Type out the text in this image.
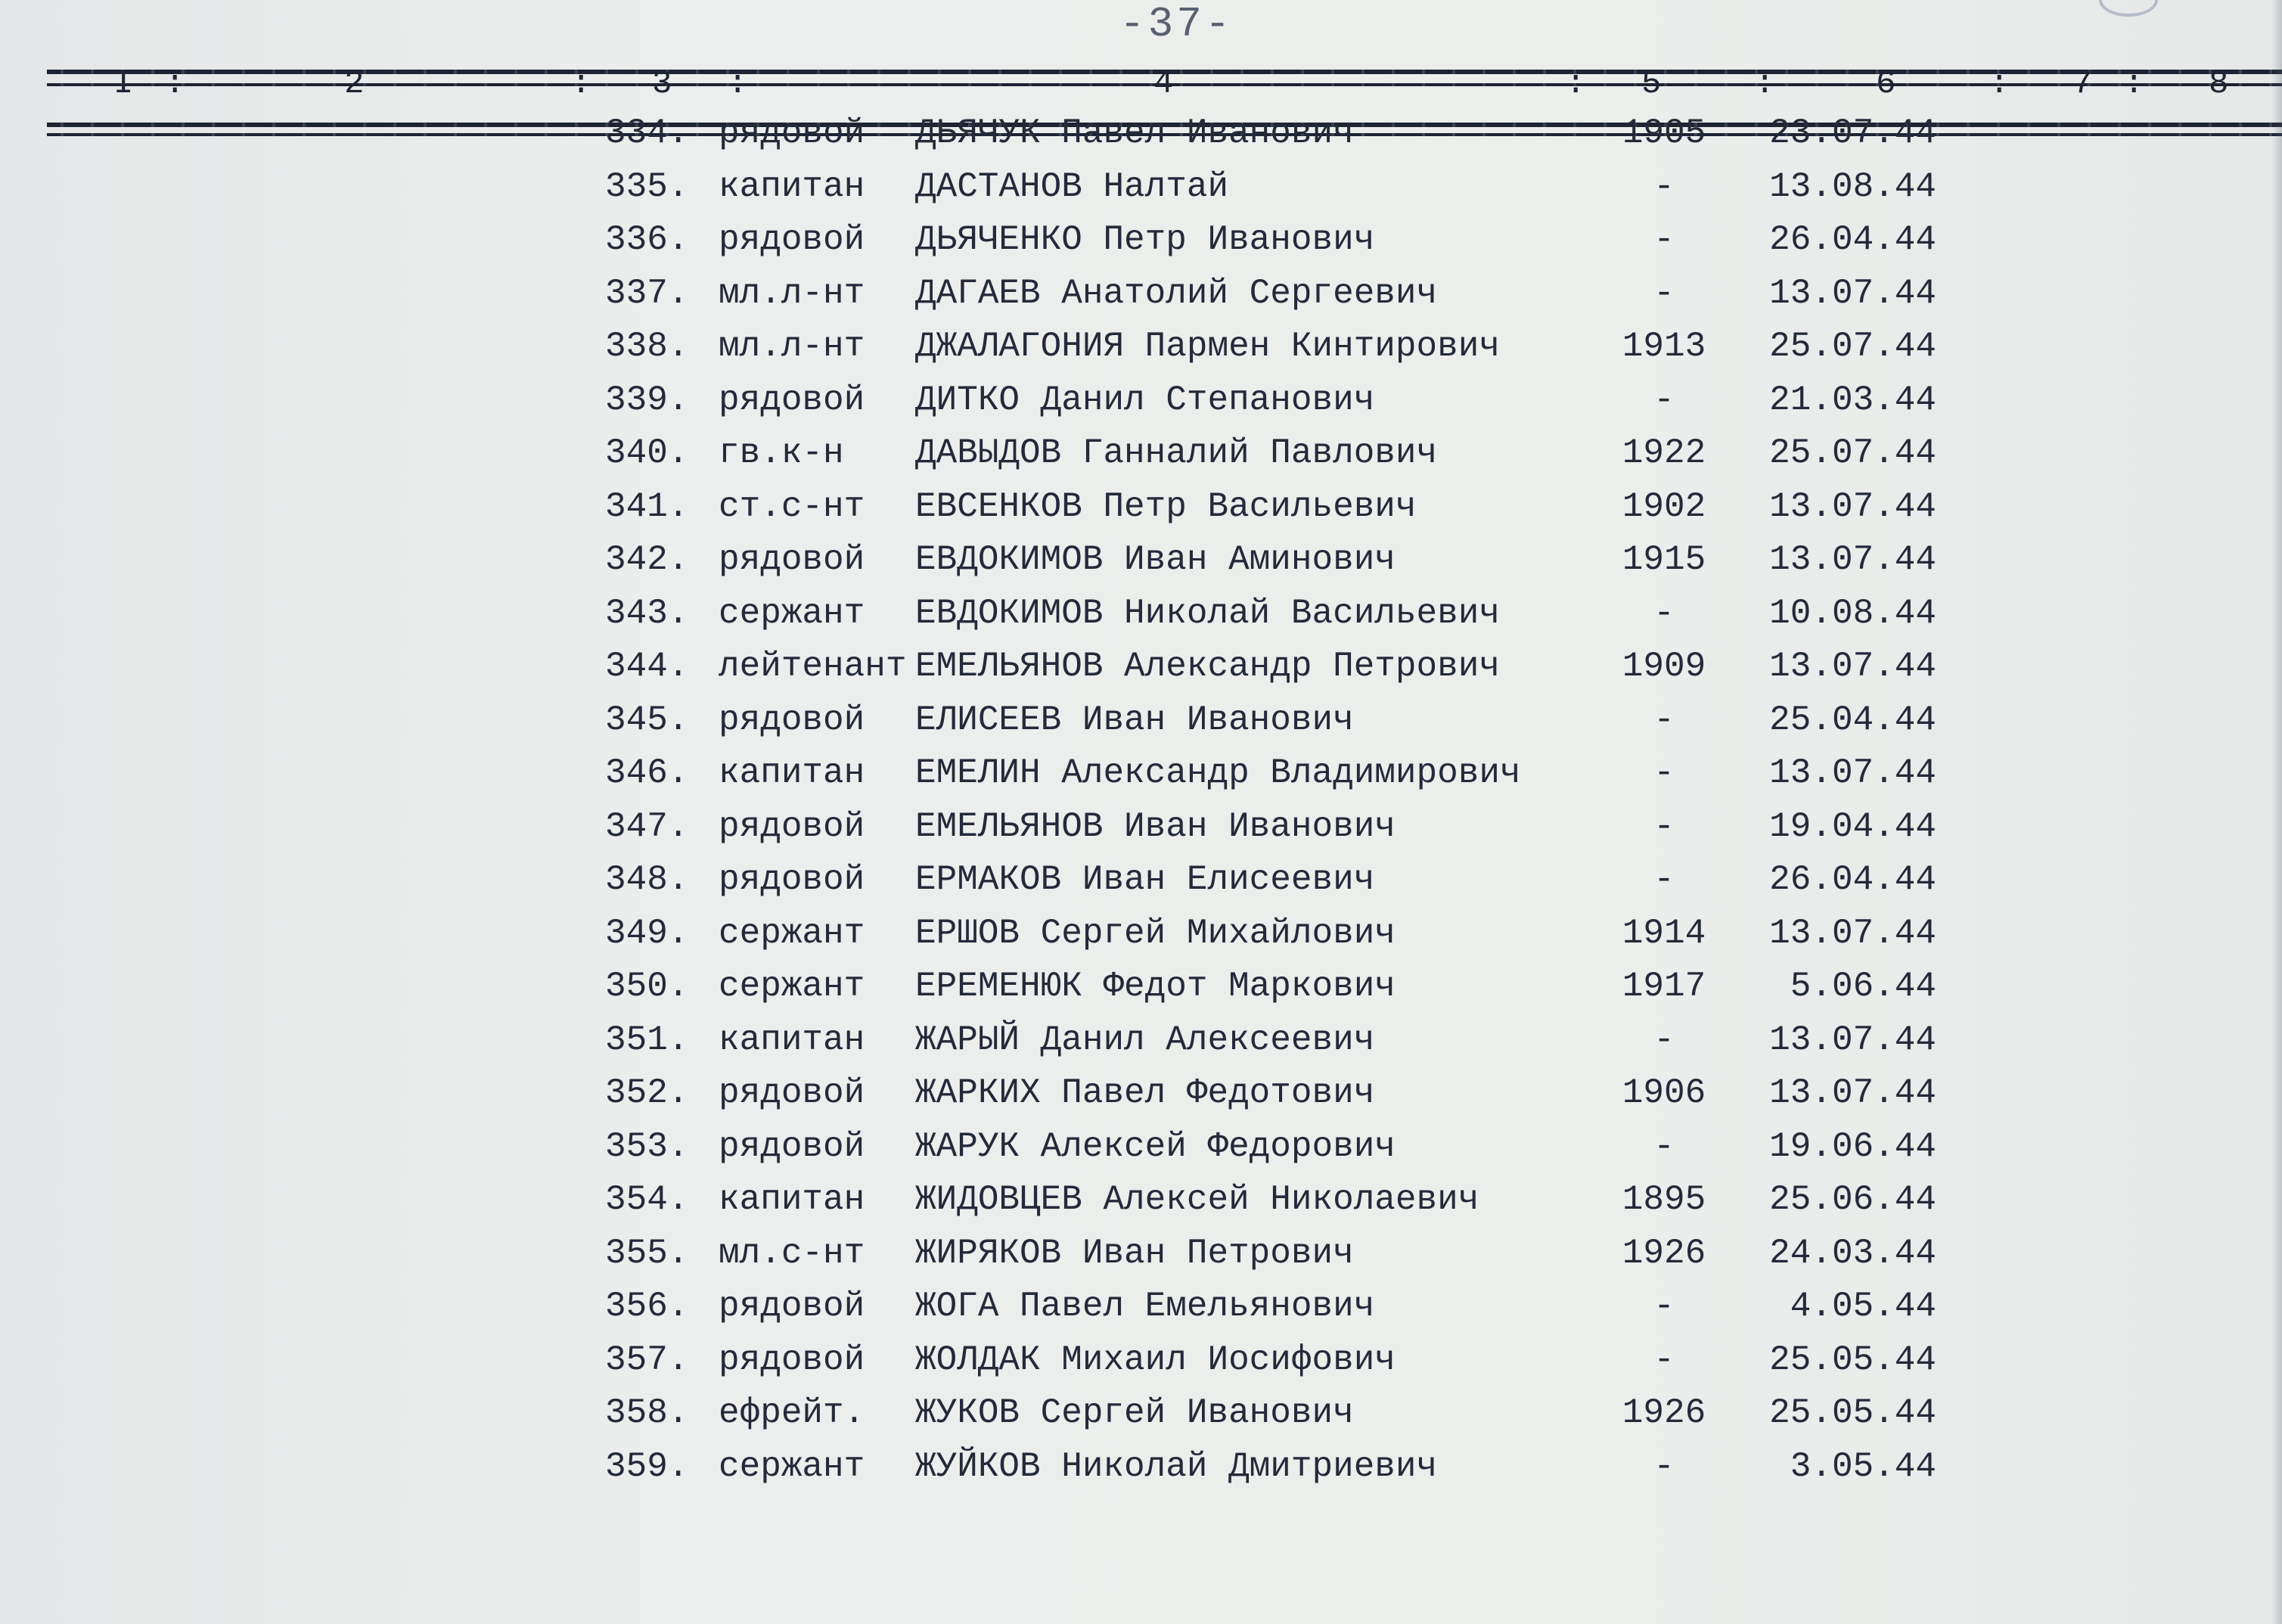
-37-
I :	2	: 3 :	4	: 5	:	6	: 7 : 8
334. рядовой ДЬЯЧУК Павел Иванович	1905	23.07.44
335. капитан ДАСТАНОВ Налтай	-	13.08.44
336. рядовой ДЬЯЧЕНКО Петр Иванович	-	26.04.44
337. мл.л-нт ДАГАЕВ Анатолий Сергеевич	-	13.07.44
338. мл.л-нт ДЖАЛАГОНИЯ Пармен Кинтирович	1913	25.07.44
339. рядовой ДИТКО Данил Степанович	-	21.03.44
340. гв.к-н ДАВЫДОВ Ганналий Павлович	1922	25.07.44
341. ст.с-нт ЕВСЕНКОВ Петр Васильевич	1902	13.07.44
342. рядовой ЕВДОКИМОВ Иван Аминович	1915	13.07.44
343. сержант ЕВДОКИМОВ Николай Васильевич	-	10.08.44
344. лейтенант ЕМЕЛЬЯНОВ Александр Петрович	1909	13.07.44
345. рядовой ЕЛИСЕЕВ Иван Иванович	-	25.04.44
346. капитан ЕМЕЛИН Александр Владимирович	-	13.07.44
347. рядовой ЕМЕЛЬЯНОВ Иван Иванович	-	19.04.44
348. рядовой ЕРМАКОВ Иван Елисеевич	-	26.04.44
349. сержант ЕРШОВ Сергей Михайлович	1914	13.07.44
350. сержант ЕРЕМЕНЮК Федот Маркович	1917	5.06.44
351. капитан ЖАРЫЙ Данил Алексеевич	-	13.07.44
352. рядовой ЖАРКИХ Павел Федотович	1906	13.07.44
353. рядовой ЖАРУК Алексей Федорович	-	19.06.44
354. капитан ЖИДОВЦЕВ Алексей Николаевич	1895	25.06.44
355. мл.с-нт ЖИРЯКОВ Иван Петрович	1926	24.03.44
356. рядовой ЖОГА Павел Емельянович	-	4.05.44
357. рядовой ЖОЛДАК Михаил Иосифович	-	25.05.44
358. ефрейт. ЖУКОВ Сергей Иванович	1926	25.05.44
359. сержант ЖУЙКОВ Николай Дмитриевич	-	3.05.44
